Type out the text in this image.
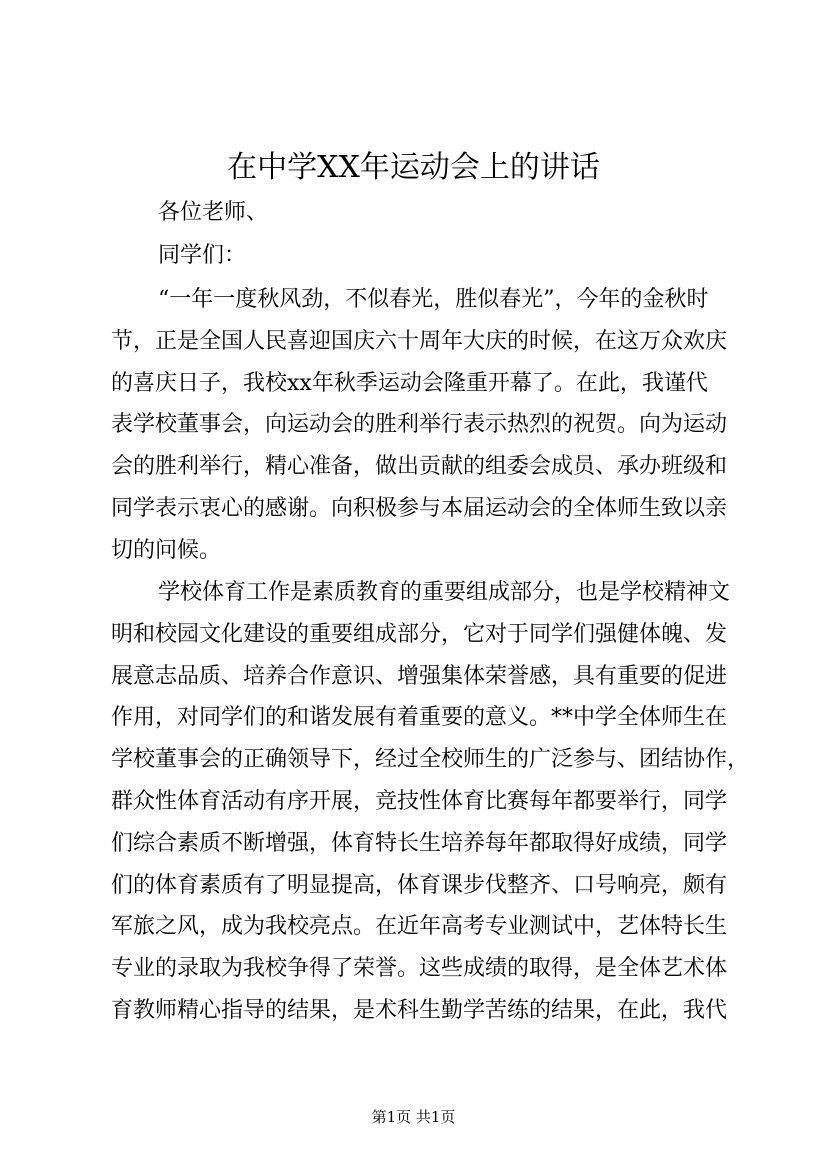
在中学XX年运动会上的讲话

各位老师、

同学们：

“一年一度秋风劲，不似春光，胜似春光”，今年的金秋时
节，正是全国人民喜迎国庆六十周年大庆的时候，在这万众欢庆
的喜庆日子，我校xx年秋季运动会隆重开幕了。在此，我谨代
表学校董事会，向运动会的胜利举行表示热烈的祝贺。向为运动
会的胜利举行，精心准备，做出贡献的组委会成员、承办班级和
同学表示衷心的感谢。向积极参与本届运动会的全体师生致以亲
切的问候。
学校体育工作是素质教育的重要组成部分，也是学校精神文
明和校园文化建设的重要组成部分，它对于同学们强健体魄、发
展意志品质、培养合作意识、增强集体荣誉感，具有重要的促进
作用，对同学们的和谐发展有着重要的意义。**中学全体师生在
学校董事会的正确领导下，经过全校师生的广泛参与、团结协作，
群众性体育活动有序开展，竞技性体育比赛每年都要举行，同学
们综合素质不断增强，体育特长生培养每年都取得好成绩，同学
们的体育素质有了明显提高，体育课步伐整齐、口号响亮，颇有
军旅之风，成为我校亮点。在近年高考专业测试中，艺体特长生
专业的录取为我校争得了荣誉。这些成绩的取得，是全体艺术体
育教师精心指导的结果，是术科生勤学苦练的结果，在此，我代

第1页 共1页
